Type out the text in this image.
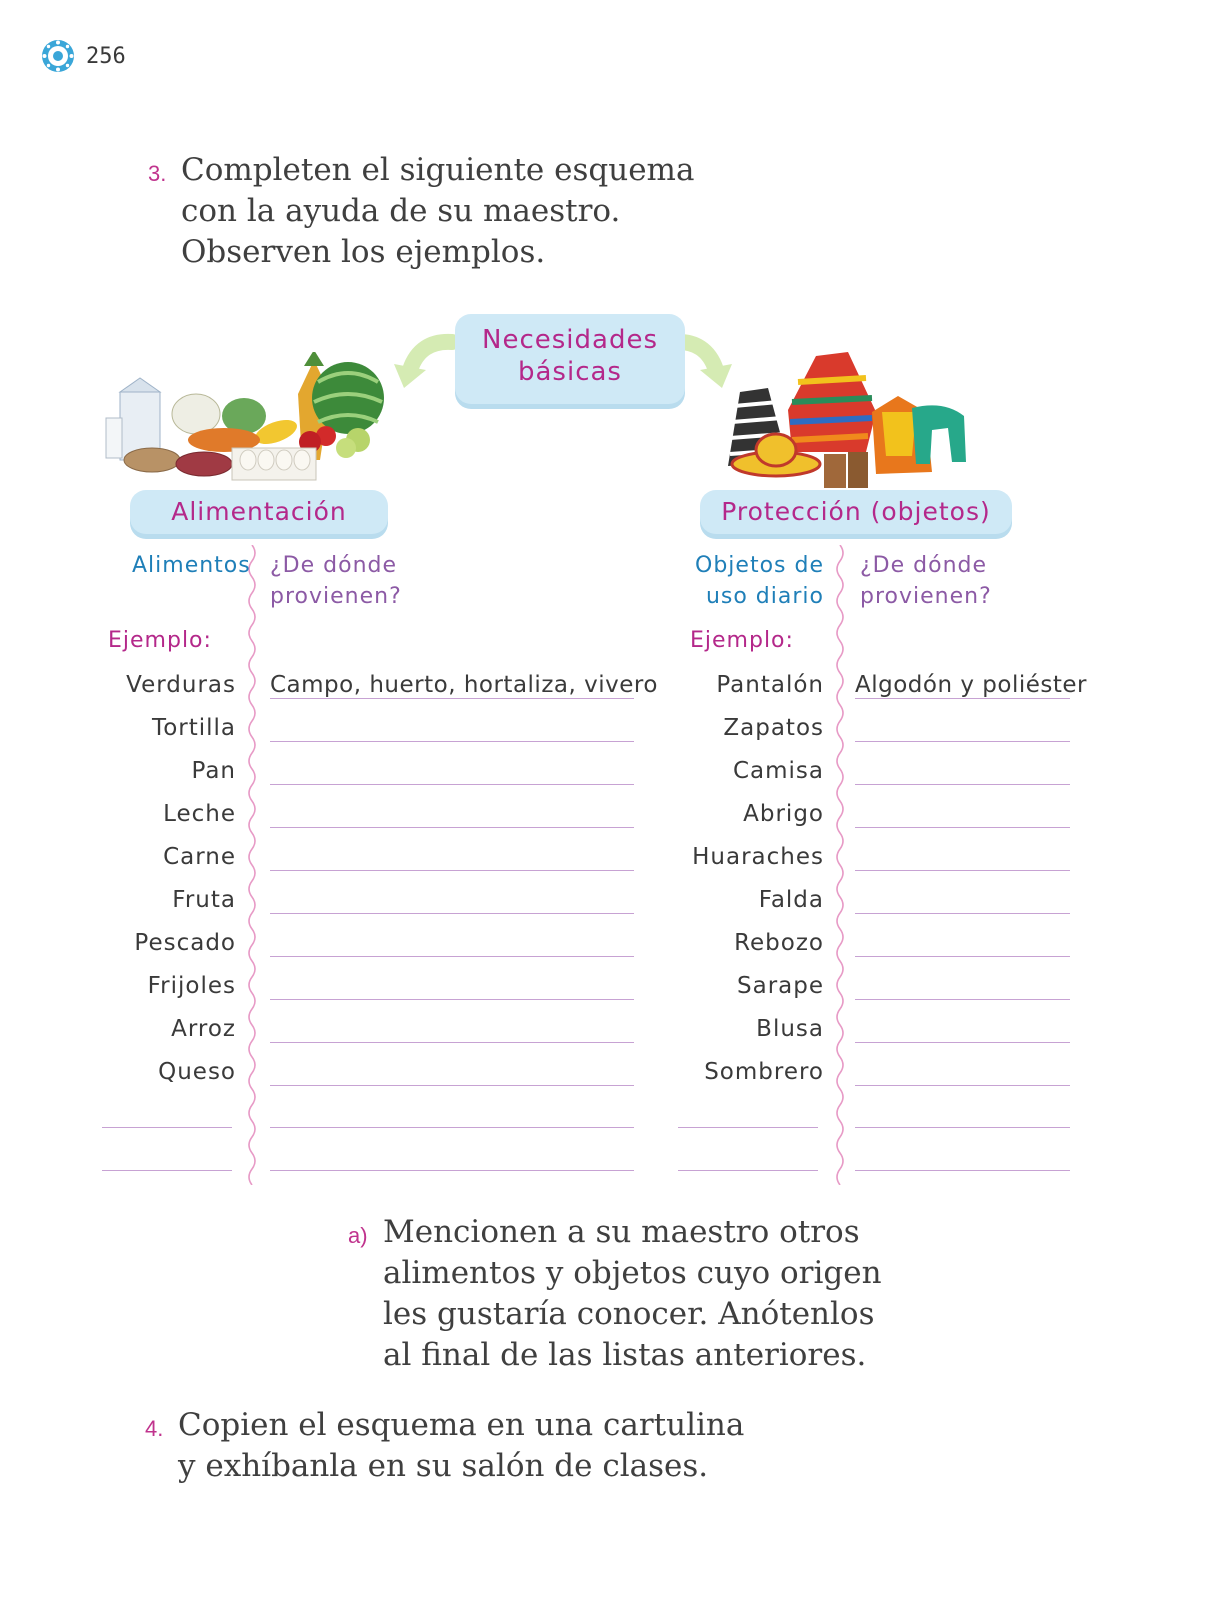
256
3. Completen el siguiente esquema
con la ayuda de su maestro.
Observen los ejemplos.
Necesidades
básicas
Alimentación	Protección (objetos)
Alimentos ¿De dónde
provienen?
Ejemplo:
Objetos de
uso diario
¿De dónde
provienen?
Ejemplo:
Verduras Campo, huerto, hortaliza, vivero
Tortilla
Pan
Leche
Carne
Fruta
Pescado
Frijoles
Arroz
Queso
Pantalón Algodón y poliéster
Zapatos
Camisa
Abrigo
Huaraches
Falda
Rebozo
Sarape
Blusa
Sombrero
a) Mencionen a su maestro otros
alimentos y objetos cuyo origen
les gustaría conocer. Anótenlos
al final de las listas anteriores.
4. Copien el esquema en una cartulina
y exhíbanla en su salón de clases.
